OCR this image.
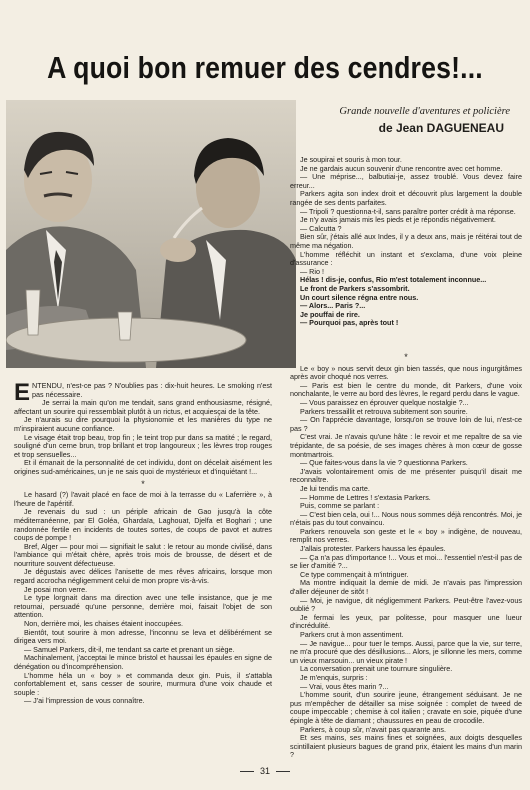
A quoi bon remuer des cendres!...
Grande nouvelle d'aventures et policière
de Jean DAGUENEAU

Je soupirai et souris à mon tour.

Je ne gardais aucun souvenir d'une rencontre avec cet homme.

— Une méprise..., balbutiai-je, assez troublé. Vous devez faire erreur...

Parkers agita son index droit et découvrit plus largement la double rangée de ses dents parfaites.

— Tripoli ? questionna-t-il, sans paraître porter crédit à ma réponse.

Je n'y avais jamais mis les pieds et je répondis négativement.

— Calcutta ?

Bien sûr, j'étais allé aux Indes, il y a deux ans, mais je réitérai tout de même ma négation.

L'homme réfléchit un instant et s'exclama, d'une voix pleine d'assurance :

— Rio !

Hélas ! dis-je, confus, Rio m'est totalement inconnue...

Le front de Parkers s'assombrit.

Un court silence régna entre nous.

— Alors... Paris ?...

Je pouffai de rire.

— Pourquoi pas, après tout !

*

Le « boy » nous servit deux gin bien tassés, que nous ingurgitâmes après avoir choqué nos verres.

— Paris est bien le centre du monde, dit Parkers, d'une voix nonchalante, le verre au bord des lèvres, le regard perdu dans le vague.

— Vous paraissez en éprouver quelque nostalgie ?...

Parkers tressaillit et retrouva subitement son sourire.

— On l'apprécie davantage, lorsqu'on se trouve loin de lui, n'est-ce pas ?

C'est vrai. Je n'avais qu'une hâte : le revoir et me repaître de sa vie trépidante, de sa poésie, de ses images chères à mon cœur de gosse montmartrois.

— Que faites-vous dans la vie ? questionna Parkers.

J'avais volontairement omis de me présenter puisqu'il disait me reconnaître.

Je lui tendis ma carte.

— Homme de Lettres ! s'extasia Parkers.

Puis, comme se parlant :

— C'est bien cela, oui !... Nous nous sommes déjà rencontrés. Moi, je n'étais pas du tout convaincu.

Parkers renouvela son geste et le « boy » indigène, de nouveau, remplit nos verres.

J'allais protester. Parkers haussa les épaules.

— Ça n'a pas d'importance !... Vous et moi... l'essentiel n'est-il pas de se lier d'amitié ?...

Ce type commençait à m'intriguer.

Ma montre indiquait la demie de midi. Je n'avais pas l'impression d'aller déjeuner de sitôt !

— Moi, je navigue, dit négligemment Parkers. Peut-être l'avez-vous oublié ?

Je fermai les yeux, par politesse, pour masquer une lueur d'incrédulité.

Parkers crut à mon assentiment.

— Je navigue... pour tuer le temps. Aussi, parce que la vie, sur terre, ne m'a procuré que des désillusions... Alors, je sillonne les mers, comme un vieux marsouin... un vieux pirate !

La conversation prenait une tournure singulière.

Je m'enquis, surpris :

— Vrai, vous êtes marin ?...

L'homme sourit, d'un sourire jeune, étrangement séduisant. Je ne pus m'empêcher de détailler sa mise soignée : complet de tweed de coupe impeccable ; chemise à col italien ; cravate en soie, piquée d'une épingle à tête de diamant ; chaussures en peau de crocodile.

Parkers, à coup sûr, n'avait pas quarante ans.

Et ses mains, ses mains fines et soignées, aux doigts desquelles scintillaient plusieurs bagues de grand prix, étaient les mains d'un marin ?

ENTENDU, n'est-ce pas ? N'oublies pas : dix-huit heures. Le smoking n'est pas nécessaire.

Je serrai la main qu'on me tendait, sans grand enthousiasme, résigné, affectant un sourire qui ressemblait plutôt à un rictus, et acquiesçai de la tête.

Je n'aurais su dire pourquoi la physionomie et les manières du type ne m'inspiraient aucune confiance.

Le visage était trop beau, trop fin ; le teint trop pur dans sa matité ; le regard, souligné d'un cerne brun, trop brillant et trop langoureux ; les lèvres trop rouges et trop sensuelles...

Et il émanait de la personnalité de cet individu, dont on décelait aisément les origines sud-américaines, un je ne sais quoi de mystérieux et d'inquiétant !...

*

Le hasard (?) l'avait placé en face de moi à la terrasse du « Laferrière », à l'heure de l'apéritif.

Je revenais du sud : un périple africain de Gao jusqu'à la côte méditerranéenne, par El Goléa, Ghardaïa, Laghouat, Djelfa et Boghari ; une randonnée fertile en incidents de toutes sortes, de coups de pavot et autres coups de pompe !

Bref, Alger — pour moi — signifiait le salut : le retour au monde civilisé, dans l'ambiance qui m'était chère, après trois mois de brousse, de désert et de nourriture souvent défectueuse.

Je dégustais avec délices l'anisette de mes rêves africains, lorsque mon regard accrocha négligemment celui de mon propre vis-à-vis.

Je posai mon verre.

Le type lorgnait dans ma direction avec une telle insistance, que je me retournai, persuadé qu'une personne, derrière moi, faisait l'objet de son attention.

Non, derrière moi, les chaises étaient inoccupées.

Bientôt, tout sourire à mon adresse, l'inconnu se leva et délibérément se dirigea vers moi.

— Samuel Parkers, dit-il, me tendant sa carte et prenant un siège.

Machinalement, j'acceptai le mince bristol et haussai les épaules en signe de dénégation ou d'incompréhension.

L'homme héla un « boy » et commanda deux gin. Puis, il s'attabla confortablement et, sans cesser de sourire, murmura d'une voix chaude et souple :

— J'ai l'impression de vous connaître.

31
